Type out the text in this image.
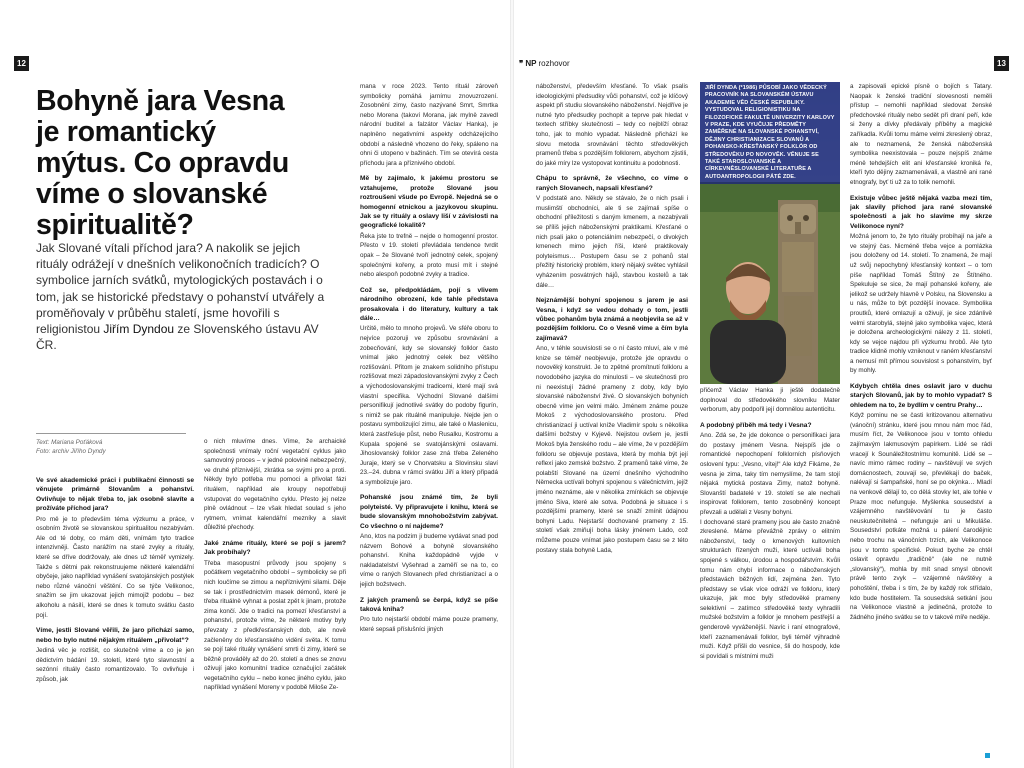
12	13
❞ NP rozhovor
Bohyně jara Vesna je romantický mýtus. Co opravdu víme o slovanské spiritualitě?

Jak Slované vítali příchod jara? A nakolik se jejich rituály odrážejí v dnešních velikonočních tradicích? O symbolice jarních svátků, mytologických postavách i o tom, jak se historické představy o pohanství utvářely a proměňovaly v průběhu staletí, jsme hovořili s religionistou Jiřím Dyndou ze Slovenského ústavu AV ČR.

Text: Mariana Poťáková
Foto: archiv Jiřího Dyndy

Ve své akademické práci i publikační činnosti se věnujete primárně Slovanům a pohanství. Ovlivňuje to nějak třeba to, jak osobně slavíte a prožíváte příchod jara?

Pro mě je to především téma výzkumu a práce, v osobním životě se slovanskou spiritualitou nezabývám. Ale od té doby, co mám děti, vnímám tyto tradice intenzivněji. Často narážím na staré zvyky a rituály, které se dříve dodržovaly, ale dnes už téměř vymizely. Takže s dětmi pak rekonstruujeme některé kalendářní obyčeje, jako například vynášení svatojánských postýlek nebo různé vánoční věštění. Co se týče Velikonoc, snažím se jim ukazovat jejich mimojiž podobu – bez alkoholu a násilí, které se dnes k tomuto svátku často pojí.

Víme, jestli Slované věřili, že jaro přichází samo, nebo ho bylo nutné nějakým rituálem „přivolat“?

Jediná věc je rozlišit, co skutečně víme a co je jen dědictvím bádání 19. století, které tyto slavnostní a sezónní rituály často romantizovalo. To ovlivňuje i způsob, jak

o nich mluvíme dnes. Víme, že archaické společnosti vnímaly roční vegetační cyklus jako samovolný proces – v jedné polovině nebezpečný, ve druhé příznivější, zkrátka se svými pro a proti. Někdy bylo potřeba mu pomoci a přivolat fázi rituálem, například ale kroupy nepotřebuji vstupovat do vegetačního cyklu. Přesto jej nelze plně ovládnout – lze však hledat soulad s jeho rytmem, vnímat kalendářní mezníky a slavit důležité přechody.

Jaké známe rituály, které se pojí s jarem? Jak probíhaly?

Třeba masopustní průvody jsou spojeny s počátkem vegetačního období – symbolicky se při nich loučíme se zimou a nepříznivými silami. Děje se tak i prostřednictvím masek démonů, které je třeba rituálně vyhnat a poslat zpět k jinam, protože zima končí. Jde o tradici na pomezí křesťanství a pohanství, protože víme, že některé motivy byly převzaty z předkřesťanských dob, ale nově začleněny do křesťanského vidění světa. K tomu se pojí také rituály vynášení smrti či zimy, které se běžně prováděly až do 20. století a dnes se znovu oživují jako komunitní tradice označující začátek vegetačního cyklu – nebo konec jiného cyklu, jako například vynášení Moreny v podobě Miloše Ze-

mana v roce 2023. Tento rituál zároveň symbolicky pomáhá jarnímu znovuzrození. Zosobnění zimy, často nazývané Smrt, Smrtka nebo Morena (takoví Morana, jak mylně zavedl národní buditel a falzátor Václav Hanka), je naplněno negativními aspekty odcházejícího období a následně vhozeno do řeky, spáleno na ohni či utopeno v bažinách. Tím se otevírá cesta příchodu jara a příznivého období.

Mě by zajímalo, k jakému prostoru se vztahujeme, protože Slované jsou roztroušeni všude po Evropě. Nejedná se o homogenní etnickou a jazykovou skupinu. Jak se ty rituály a oslavy liší v závislosti na geografické lokalitě?

Řeka jste to trefně – nejde o homogenní prostor. Přesto v 19. století převládala tendence tvrdit opak – že Slované tvoří jednotný celek, spojený společnými kořeny, a proto musí mít i stejné nebo alespoň podobné zvyky a tradice.

Což se, předpokládám, pojí s vlivem národního obrození, kde tahle představa prosakovala i do literatury, kultury a tak dále…

Určitě, mělo to mnoho projevů. Ve sféře oboru to nejvíce pozoruji ve způsobu srovnávání a zobecňování, kdy se slovanský folklor často vnímal jako jednotný celek bez většího rozlišování. Přitom je znakem solidního přístupu rozlišovat mezi západoslovanskými zvyky z Čech a východoslovanskými tradicemi, které mají svá vlastní specifika. Východní Slované dalšími personifikují jednotlivé svátky do podoby figurín, s nimiž se pak rituálně manipuluje. Nejde jen o postavu symbolizující zimu, ale také o Maslenicu, která zastřešuje půst, nebo Rusalku, Kostromu a Kupala spojené se svatojánskými oslavami. Jihoslovanský folklor zase zná třeba Zeleného Juraje, který se v Chorvatsku a Slovinsku slaví 23.–24. dubna v rámci svátku Jiří a který připadá a symbolizuje jaro.

Pohanské jsou známé tím, že byli polyteisté. Vy připravujete i knihu, která se bude slovanským mnohobožstvím zabývat. Co všechno o ní najdeme?

Ano, ktos na podzim ji budeme vydávat snad pod názvem Bohové a bohyně slovanského pohanství. Kniha každopádně vyjde v nakladatelství Vyšehrad a zaměří se na to, co víme o raných Slovanech před christianizací a o jejich božstvech.

Z jakých pramenů se čerpá, když se píše taková kniha?

Pro tuto nejstarší období máme pouze prameny, které sepsali příslušníci jiných

náboženství, především křesťané. To však psalis ideologickými předsudky vůči pohanství, což je klíčový aspekt při studiu slovanského náboženství. Nejdříve je nutné tyto předsudky pochopit a teprve pak hledat v textech stříbky skutečnosti – tedy co nejblíží obraz toho, jak to mohlo vypadat. Následně přichází ke slovu metoda srovnávání těchto středověkých pramenů třeba s pozdějším folklorem, abychom zjistili, do jaké míry lze vystopovat kontinuitu a podobnosti.

Chápu to správně, že všechno, co víme o raných Slovanech, napsali křesťané?

V podstatě ano. Někdy se stávalo, že o nich psali i muslimští obchodníci, ale ti se zajímali spíše o obchodní příležitosti s daným kmenem, a nezabývali se příliš jejich náboženskými praktikami. Křesťané o nich psali jako o potenciálním nebezpečí, o divokých kmenech mimo jejich říši, které praktikovaly polyteismus… Postupem času se z pohanů stal přežitý historický problém, který nějaký světec vyhlásil vyházením posvátných hájů, stavbou kostelů a tak dále…

Nejznámější bohyní spojenou s jarem je asi Vesna, i když se vedou dohady o tom, jestli vůbec pohanům byla známá a neobjevila se až v pozdějším folkloru. Co o Vesně víme a čím byla zajímavá?

Ano, v téhle souvislosti se o ní často mluví, ale v mé knize se téměř neobjevuje, protože jde opravdu o novověký konstrukt. Je to zpětné promítnutí folkloru a novodobého jazyka do minulosti – ve skutečnosti pro ni neexistují žádné prameny z doby, kdy bylo slovanské náboženství živé. O slovanských bohyních obecně víme jen velmi málo. Jménem známe pouze Mokoš z východoslovanského prostoru. Před christianizací ji uctíval kníže Vladimír spolu s několika dalšími božstvy v Kyjevě. Nejistou ovšem je, jestli Mokoš byla ženského rodu – ale víme, že v pozdějším folkloru se objevuje postava, která by mohla být její reflexí jako zemské božstvo. Z pramenů také víme, že polabští Slované na území dnešního východního Německa uctívali bohyni spojenou s válečnictvím, jejíž jméno neznáme, ale v několika zmínkách se objevuje jméno Siva, které ale sotva. Podobná je situace i s pozdějšími prameny, které se snaží zmínit údajnou bohyni Ladu. Nejstarší dochované prameny z 15. století však zmiňují boha lásky jménem Lado, což můžeme pouze vnímat jako postupem času se z této postavy stala bohyně Lada,

JIŘÍ DYNDA (*1986) PŮSOBÍ JAKO VĚDECKÝ PRACOVNÍK NA SLOVANSKÉM ÚSTAVU AKADEMIE VĚD ČESKÉ REPUBLIKY. VYSTUDOVAL RELIGIONISTIKU NA FILOZOFICKÉ FAKULTĚ UNIVERZITY KARLOVY V PRAZE, KDE VYUČUJE PŘEDMĚTY ZAMĚŘENÉ NA SLOVANSKÉ POHANSTVÍ, DĚJINY CHRISTIANIZACE SLOVANŮ A POHANSKO-KŘESŤANSKÝ FOLKLÓR OD STŘEDOVĚKU PO NOVOVĚK. VĚNUJE SE TAKÉ STAROSLOVANSKÉ A CÍRKEVNĚSLOVANSKÉ LITERATUŘE A AUTOANTROPOLOGII PÁTÉ ZDE.

přičemž Václav Hanka ji ještě dodatečně doplnoval do středověkého slovníku Mater verborum, aby podpořil její domnělou autenticitu.

A podobný příběh má tedy i Vesna?

Ano. Zdá se, že jde dokonce o personifikaci jara do postavy jménem Vesna. Nejspíš jde o romantické nepochopení folklorních písňových oslovení typu: „Vesno, vítej!“ Ale když Fikáme, že vesna je zima, taky tím nemyslíme, že tam stojí nějaká mytická postava Zimy, natož bohyně. Slovanští badatelé v 19. století se ale nechali inspirovat folklorem, tento zosobněný koncept převzali a udělali z Vesny bohyni.

I dochované staré prameny jsou ale často značně zkreslené. Máme převážně zprávy o elitním náboženství, tedy o kmenových kultovních strukturách řízených muži, které uctívali boha spojené s válkou, úrodou a hospodářstvím. Kvůli tomu nám chybí informace o náboženských představách běžných lidí, zejména žen. Tyto představy se však více odráží ve folkloru, který ukazuje, jak moc byly středověké prameny selektivní – zatímco středověké texty vyhradili mužské božstvím a folklor je mnohem pestřejší a genderově vyváženější. Navíc i raní etnografové, kteří zaznamenávali folklor, byli téměř výhradně muži. Když přišli do vesnice, šli do hospody, kde si povídali s místními muži

a zapisovali epické písně o bojích s Tatary. Naopak k ženské tradiční slovesnosti neměli přístup – nemohli například sledovat ženské předchovské rituály nebo sedět při draní peří, kde si ženy a dívky předávaly příběhy a magické zaříkadla. Kvůli tomu máme velmi zkreslený obraz, ale to neznamená, že ženská náboženská symbolika neexistovala – pouze nejspíš známe méně tehdejších elit ani křesťanské kroniká ře, kteří tyto dějiny zaznamenávali, a vlastně ani rané etnografy, byť ti už za to tolik nemohli.

Existuje vůbec ještě nějaká vazba mezi tím, jak slavily příchod jara rané slovanské společnosti a jak ho slavíme my skrze Velikonoce nyní?

Možná jenom to, že tyto rituály probíhají na jaře a ve stejný čas. Nicméně třeba vejce a pomlázka jsou doloženy od 14. století. To znamená, že mají už svůj nepochybný křesťanský kontext – o tom píše například Tomáš Štítný ze Štítného. Spekuluje se sice, že mají pohanské kořeny, ale jelikož se udržely hlavně v Polsku, na Slovensku a u nás, může to být pozdější inovace. Symbolika proutků, které omlazují a oživují, je sice zdánlivě velmi starobylá, stejně jako symbolika vajec, která je doložena archeologickými nálezy z 11. století, kdy se vejce najdou při výzkumu hrobů. Ale tyto tradice klidně mohly vzniknout v raném křesťanství a nemusí mít přímou souvislost s pohanstvím, byť by mohly.

Kdybych chtěla dnes oslavit jaro v duchu starých Slovanů, jak by to mohlo vypadat? S ohledem na to, že bydlím v centru Prahy…

Když pominu ne se časti kritizovanou alternativu (vánoční) stránku, které jsou mnou nám moc řád, musím říct, že Velikonoce jsou v tomto ohledu zajímavým lakmusovým papírkem. Lidé se rádi vracejí k Sounáležitostnímu komunitě. Lidé se – navíc mimo rámec rodiny – navštěvují ve svých domácnostech, zouvají se, převlékají do baček, nalévají si šampaňské, honí se po okýnka… Mladí na venkově dělají to, co dělá stovky let, ale tohle v Praze moc nefunguje. Myšlenka sousedství a vzájemného navštěvování tu je často neuskutečnitelná – nefunguje ani u Mikuláše. Sousedství potkáte možná u pálení čarodějnic nebo trochu na vánočních trzích, ale Velikonoce jsou v tomto specifické. Pokud byche ze chtěl oslavit opravdu „tradičně“ (ale ne nutně „slovanský“), mohla by mít snad smysl obnovit právě tento zvyk – vzájemné návštěvy a pohoštění, třeba i s tím, že by každý rok střídalo, kdo bude hostitelem. Ta sousedská setkání jsou na Velikonoce vlastně a jedinečná, protože to žádného jiného svátku se to v takové míře neděje.
